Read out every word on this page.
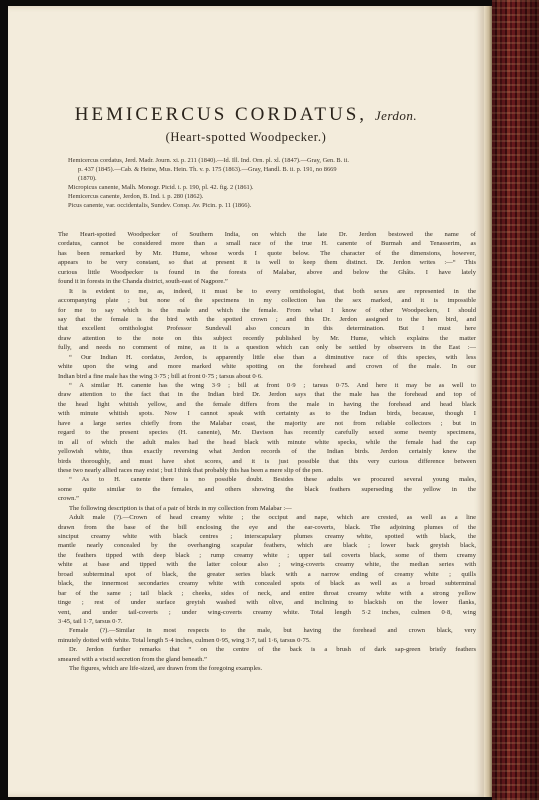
HEMICERCUS CORDATUS, Jerdon.
(Heart-spotted Woodpecker.)
Hemicercus cordatus, Jerd. Madr. Journ. xi. p. 211 (1840).—Id. Ill. Ind. Orn. pl. xl. (1847).—Gray, Gen. B. ii.
p. 437 (1845).—Cab. & Heine, Mus. Hein. Th. v. p. 175 (1863).—Gray, Handl. B. ii. p. 191, no 8669
(1870).
Micropicus canente, Malh. Monogr. Picid. i. p. 190, pl. 42. fig. 2 (1861).
Hemicercus canente, Jerdon, B. Ind. i. p. 280 (1862).
Picus canente, var. occidentalis, Sundev. Consp. Av. Picin. p. 11 (1866).
The Heart-spotted Woodpecker of Southern India, on which the late Dr. Jerdon bestowed the name of
cordatus, cannot be considered more than a small race of the true H. canente of Burmah and Tenasserim, as
has been remarked by Mr. Hume, whose words I quote below. The character of the dimensions, however,
appears to be very constant, so that at present it is well to keep them distinct. Dr. Jerdon writes :—“ This
curious little Woodpecker is found in the forests of Malabar, above and below the Ghâts. I have lately
found it in forests in the Chanda district, south-east of Nagpore.”
It is evident to me, as, indeed, it must be to every ornithologist, that both sexes are represented in the
accompanying plate ; but none of the specimens in my collection has the sex marked, and it is impossible
for me to say which is the male and which the female. From what I know of other Woodpeckers, I should
say that the female is the bird with the spotted crown ; and this Dr. Jerdon assigned to the hen bird, and
that excellent ornithologist Professor Sundevall also concurs in this determination. But I must here
draw attention to the note on this subject recently published by Mr. Hume, which explains the matter
fully, and needs no comment of mine, as it is a question which can only be settled by observers in the East :—
“ Our Indian H. cordatus, Jerdon, is apparently little else than a diminutive race of this species, with less
white upon the wing and more marked white spotting on the forehead and crown of the male. In our
Indian bird a fine male has the wing 3·75 ; bill at front 0·75 ; tarsus about 0·6.
“ A similar H. canente has the wing 3·9 ; bill at front 0·9 ; tarsus 0·75. And here it may be as well to
draw attention to the fact that in the Indian bird Dr. Jerdon says that the male has the forehead and top of
the head light whitish yellow, and the female differs from the male in having the forehead and head black
with minute whitish spots. Now I cannot speak with certainty as to the Indian birds, because, though I
have a large series chiefly from the Malabar coast, the majority are not from reliable collectors ; but in
regard to the present species (H. canente), Mr. Davison has recently carefully sexed some twenty specimens,
in all of which the adult males had the head black with minute white specks, while the female had the cap
yellowish white, thus exactly reversing what Jerdon records of the Indian birds. Jerdon certainly knew the
birds thoroughly, and must have shot scores, and it is just possible that this very curious difference between
these two nearly allied races may exist ; but I think that probably this has been a mere slip of the pen.
“ As to H. canente there is no possible doubt. Besides these adults we procured several young males,
some quite similar to the females, and others showing the black feathers superseding the yellow in the
crown.”
The following description is that of a pair of birds in my collection from Malabar :—
Adult male (?).—Crown of head creamy white ; the occiput and nape, which are crested, as well as a line
drawn from the base of the bill enclosing the eye and the ear-coverts, black. The adjoining plumes of the
sinciput creamy white with black centres ; interscapulary plumes creamy white, spotted with black, the
mantle nearly concealed by the overhanging scapular feathers, which are black ; lower back greyish black,
the feathers tipped with deep black ; rump creamy white ; upper tail coverts black, some of them creamy
white at base and tipped with the latter colour also ; wing-coverts creamy white, the median series with
broad subterminal spot of black, the greater series black with a narrow ending of creamy white ; quills
black, the innermost secondaries creamy white with concealed spots of black as well as a broad subterminal
bar of the same ; tail black ; cheeks, sides of neck, and entire throat creamy white with a strong yellow
tinge ; rest of under surface greyish washed with olive, and inclining to blackish on the lower flanks,
vent, and under tail-coverts ; under wing-coverts creamy white. Total length 5·2 inches, culmen 0·8, wing
3·45, tail 1·7, tarsus 0·7.
Female (?).—Similar in most respects to the male, but having the forehead and crown black, very
minutely dotted with white. Total length 5·4 inches, culmen 0·95, wing 3·7, tail 1·6, tarsus 0·75.
Dr. Jerdon further remarks that “ on the centre of the back is a brush of dark sap-green bristly feathers
smeared with a viscid secretion from the gland beneath.”
The figures, which are life-sized, are drawn from the foregoing examples.
